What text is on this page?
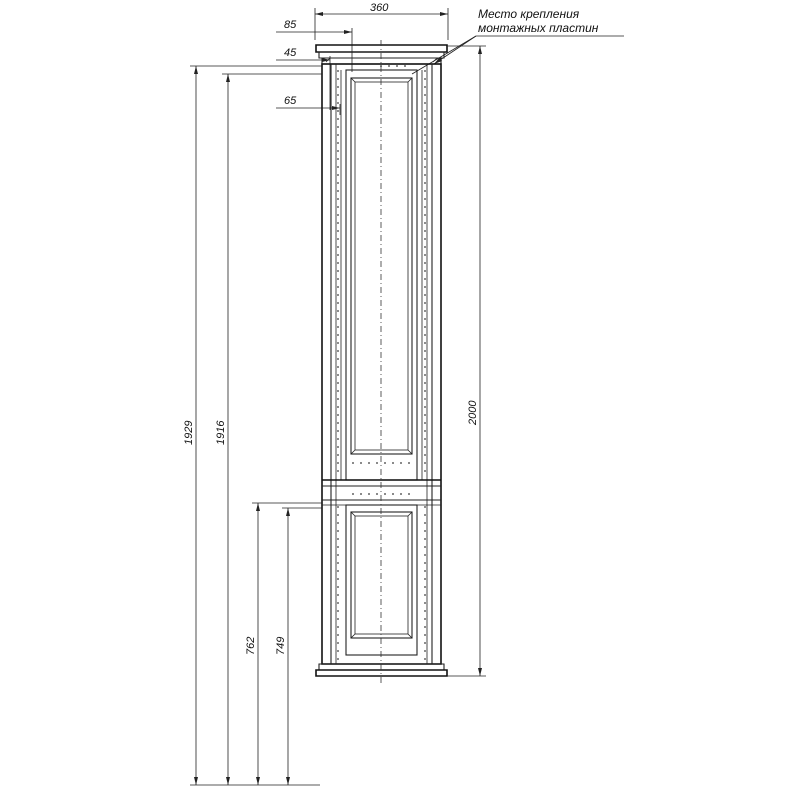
360
85
45
65
Место крепления
монтажных пластин
2000
1929 1916
762 749
